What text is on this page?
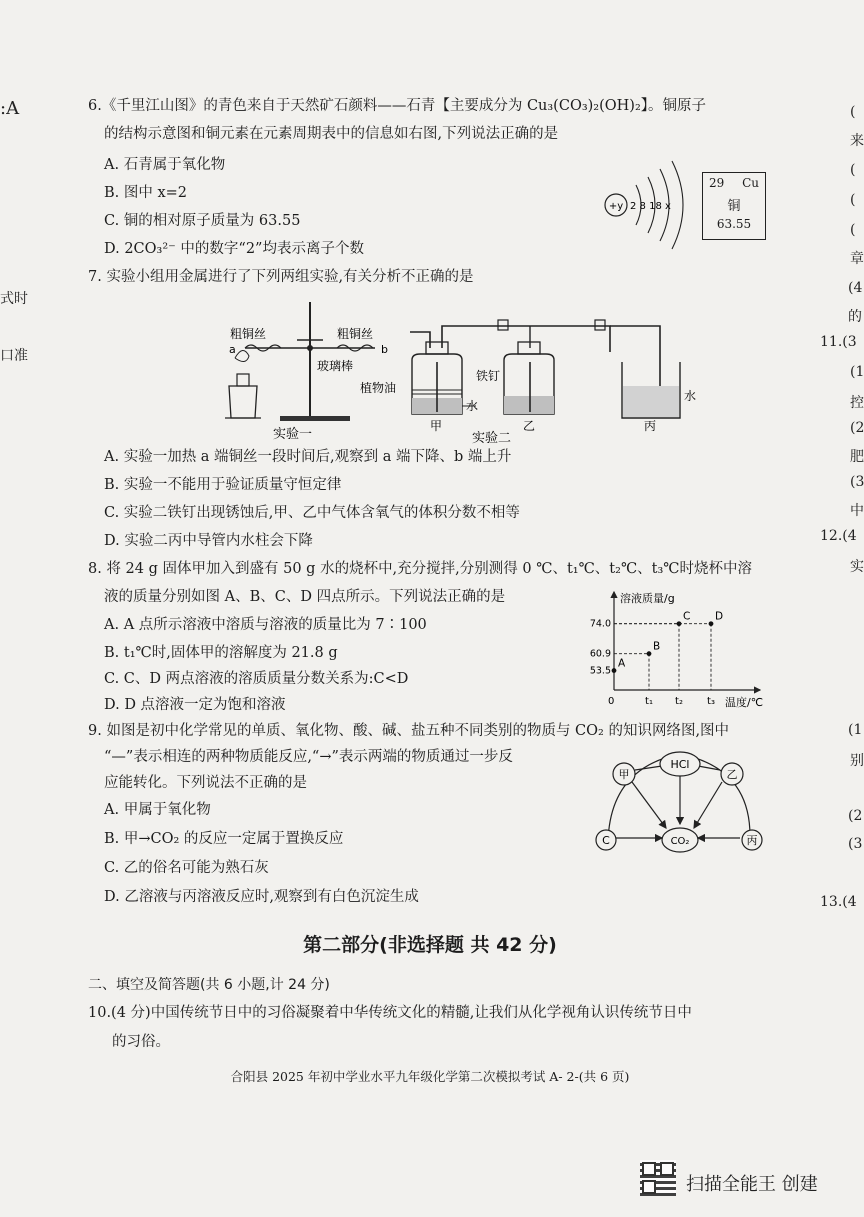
:A
式时
口准
(
来
(
(
(
章
(4
的
11.(3
(1
控
(2
肥
(3
中
12.(4
实
(1
别
(2
(3
13.(4
6.《千里江山图》的青色来自于天然矿石颜料——石青【主要成分为 Cu₃(CO₃)₂(OH)₂】。铜原子
的结构示意图和铜元素在元素周期表中的信息如右图,下列说法正确的是
A. 石青属于氧化物
B. 图中 x=2
C. 铜的相对原子质量为 63.55
D. 2CO₃²⁻ 中的数字“2”均表示离子个数
+y 2 8 18 x
29 Cu
铜
63.55
7. 实验小组用金属进行了下列两组实验,有关分析不正确的是
粗铜丝	粗铜丝
a	b
玻璃棒
实验一
植物油
铁钉
水
水
甲	乙	丙
实验二
A. 实验一加热 a 端铜丝一段时间后,观察到 a 端下降、b 端上升
B. 实验一不能用于验证质量守恒定律
C. 实验二铁钉出现锈蚀后,甲、乙中气体含氧气的体积分数不相等
D. 实验二丙中导管内水柱会下降
8. 将 24 g 固体甲加入到盛有 50 g 水的烧杯中,充分搅拌,分别测得 0 ℃、t₁℃、t₂℃、t₃℃时烧杯中溶
液的质量分别如图 A、B、C、D 四点所示。下列说法正确的是
A. A 点所示溶液中溶质与溶液的质量比为 7∶100
B. t₁℃时,固体甲的溶解度为 21.8 g
C. C、D 两点溶液的溶质质量分数关系为:C<D
D. D 点溶液一定为饱和溶液
溶液质量/g
温度/℃
0
53.5
60.9
74.0
t₁ t₂ t₃
A
B
C D
9. 如图是初中化学常见的单质、氧化物、酸、碱、盐五种不同类别的物质与 CO₂ 的知识网络图,图中
“—”表示相连的两种物质能反应,“→”表示两端的物质通过一步反
应能转化。下列说法不正确的是
A. 甲属于氧化物
B. 甲→CO₂ 的反应一定属于置换反应
C. 乙的俗名可能为熟石灰
D. 乙溶液与丙溶液反应时,观察到有白色沉淀生成
HCl
甲	乙
C	CO₂	丙
第二部分(非选择题 共 42 分)
二、填空及简答题(共 6 小题,计 24 分)
10.(4 分)中国传统节日中的习俗凝聚着中华传统文化的精髓,让我们从化学视角认识传统节日中
的习俗。
合阳县 2025 年初中学业水平九年级化学第二次模拟考试 A- 2-(共 6 页)
扫描全能王 创建
